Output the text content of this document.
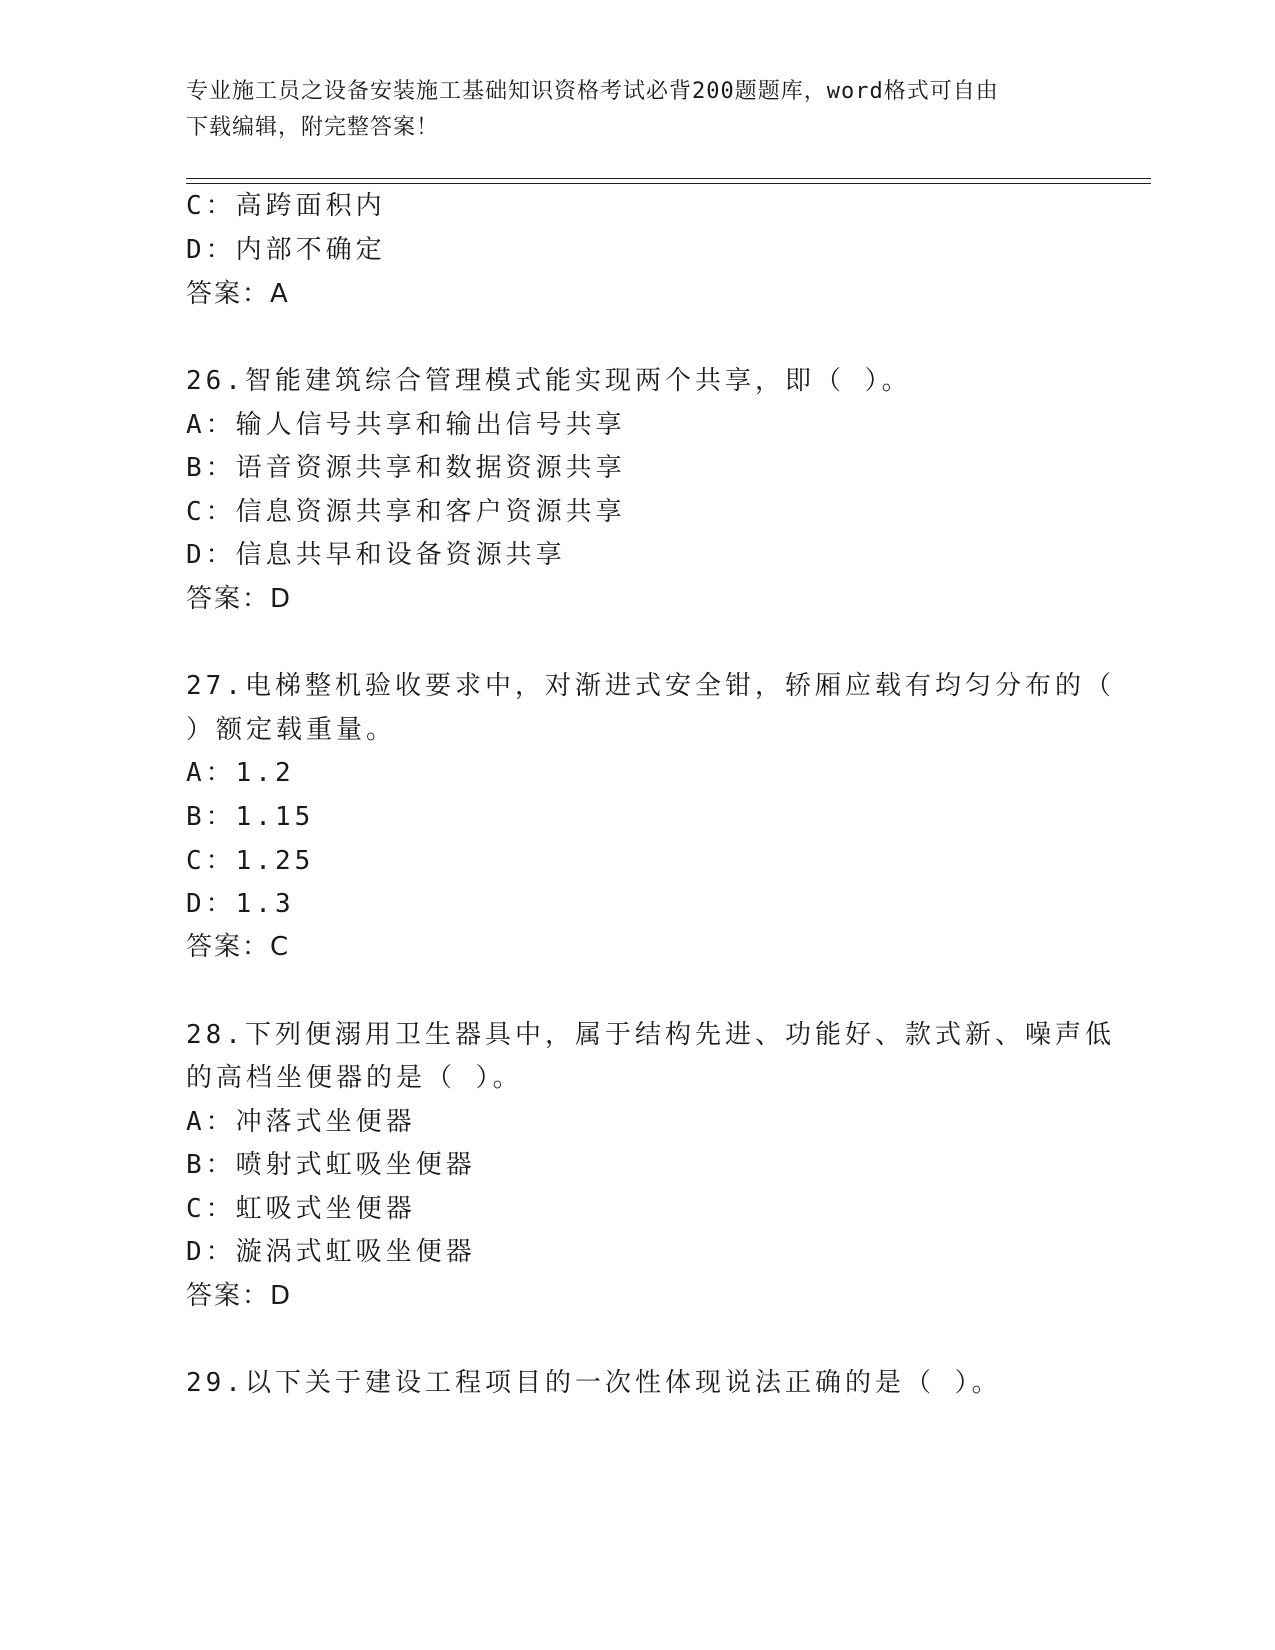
专业施工员之设备安装施工基础知识资格考试必背200题题库，word格式可自由
下载编辑，附完整答案！
C：高跨面积内
D：内部不确定
答案：A
26.智能建筑综合管理模式能实现两个共享，即（ ）。
A：输人信号共享和输出信号共享
B：语音资源共享和数据资源共享
C：信息资源共享和客户资源共享
D：信息共早和设备资源共享
答案：D
27.电梯整机验收要求中，对渐进式安全钳，轿厢应载有均匀分布的（
）额定载重量。
A：1.2
B：1.15
C：1.25
D：1.3
答案：C
28.下列便溺用卫生器具中，属于结构先进、功能好、款式新、噪声低
的高档坐便器的是（ ）。
A：冲落式坐便器
B：喷射式虹吸坐便器
C：虹吸式坐便器
D：漩涡式虹吸坐便器
答案：D
29.以下关于建设工程项目的一次性体现说法正确的是（ ）。
